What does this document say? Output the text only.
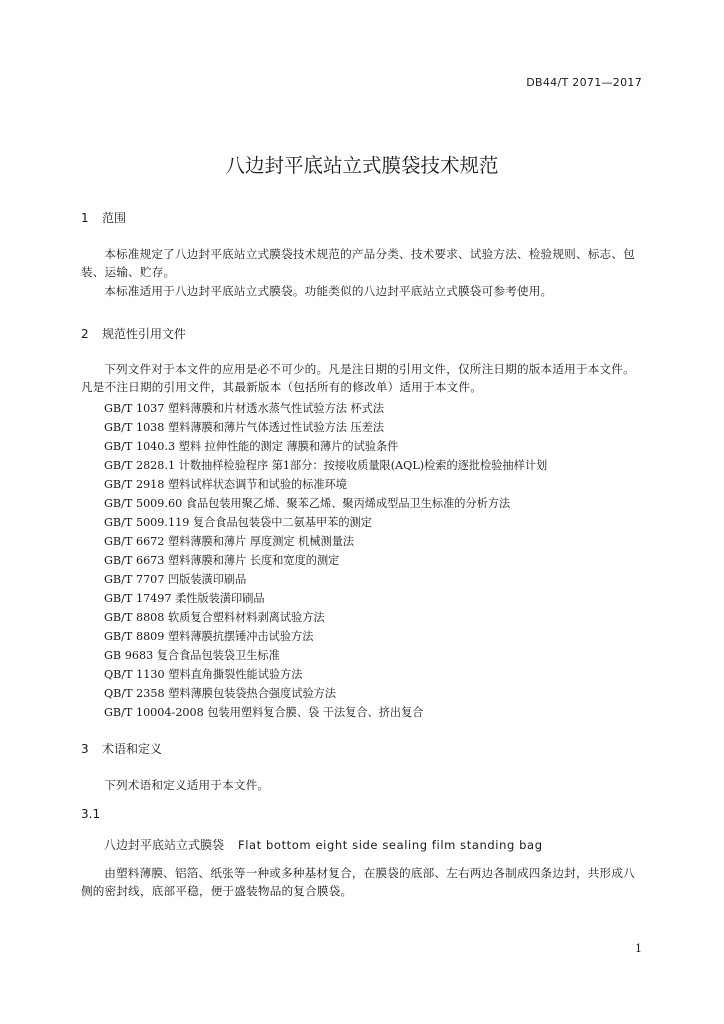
DB44/T 2071—2017
八边封平底站立式膜袋技术规范
1 范围
本标准规定了八边封平底站立式膜袋技术规范的产品分类、技术要求、试验方法、检验规则、标志、包装、运输、贮存。
本标准适用于八边封平底站立式膜袋。功能类似的八边封平底站立式膜袋可参考使用。
2 规范性引用文件
下列文件对于本文件的应用是必不可少的。凡是注日期的引用文件，仅所注日期的版本适用于本文件。凡是不注日期的引用文件，其最新版本（包括所有的修改单）适用于本文件。
GB/T 1037 塑料薄膜和片材透水蒸气性试验方法 杯式法
GB/T 1038 塑料薄膜和薄片气体透过性试验方法 压差法
GB/T 1040.3 塑料 拉伸性能的测定 薄膜和薄片的试验条件
GB/T 2828.1 计数抽样检验程序 第1部分：按接收质量限(AQL)检索的逐批检验抽样计划
GB/T 2918 塑料试样状态调节和试验的标准环境
GB/T 5009.60 食品包装用聚乙烯、聚苯乙烯、聚丙烯成型品卫生标准的分析方法
GB/T 5009.119 复合食品包装袋中二氨基甲苯的测定
GB/T 6672 塑料薄膜和薄片 厚度测定 机械测量法
GB/T 6673 塑料薄膜和薄片 长度和宽度的测定
GB/T 7707 凹版装潢印刷品
GB/T 17497 柔性版装潢印刷品
GB/T 8808 软质复合塑料材料剥离试验方法
GB/T 8809 塑料薄膜抗摆锤冲击试验方法
GB 9683 复合食品包装袋卫生标准
QB/T 1130 塑料直角撕裂性能试验方法
QB/T 2358 塑料薄膜包装袋热合强度试验方法
GB/T 10004-2008 包装用塑料复合膜、袋 干法复合、挤出复合
3 术语和定义
下列术语和定义适用于本文件。
3.1
八边封平底站立式膜袋 Flat bottom eight side sealing film standing bag
由塑料薄膜、铝箔、纸张等一种或多种基材复合，在膜袋的底部、左右两边各制成四条边封，共形成八侧的密封线，底部平稳，便于盛装物品的复合膜袋。
1
